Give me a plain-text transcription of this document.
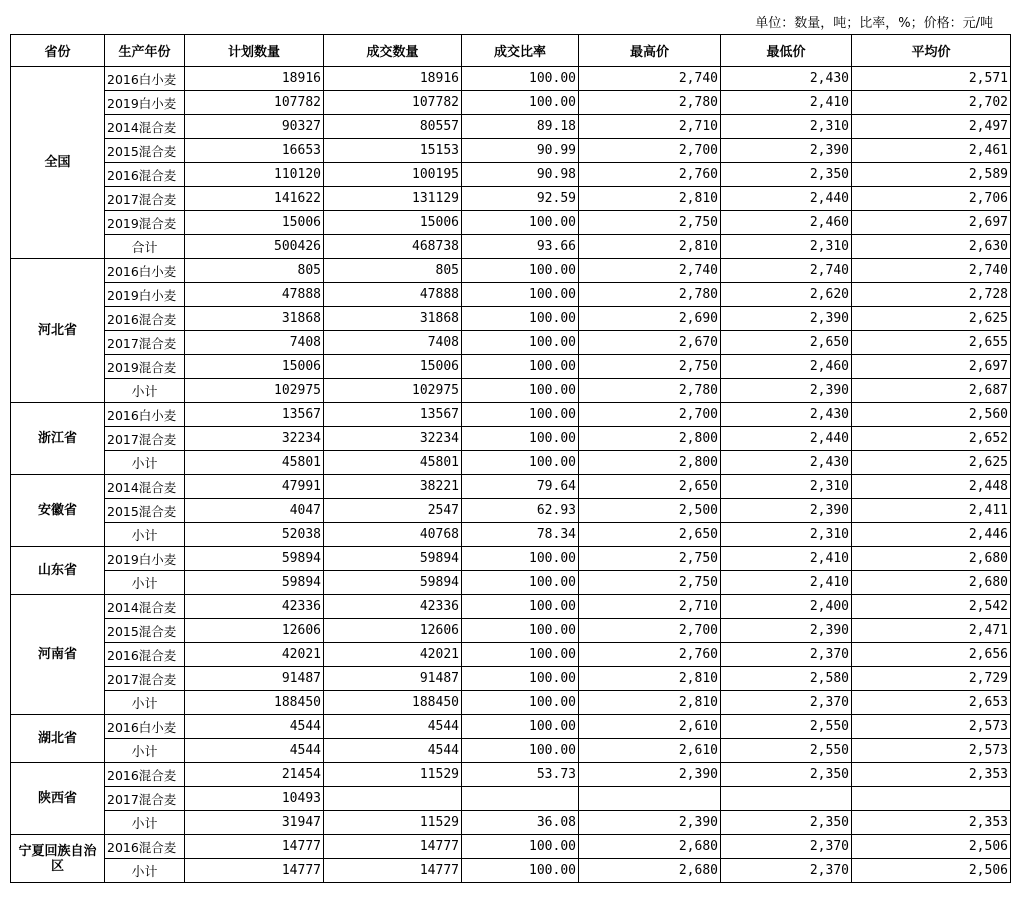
单位：数量，吨；比率，%；价格：元/吨
省份	生产年份	计划数量	成交数量	成交比率	最高价	最低价	平均价
全国	2016白小麦	18916	18916	100.00	2,740	2,430	2,571
	2019白小麦	107782	107782	100.00	2,780	2,410	2,702
	2014混合麦	90327	80557	89.18	2,710	2,310	2,497
	2015混合麦	16653	15153	90.99	2,700	2,390	2,461
	2016混合麦	110120	100195	90.98	2,760	2,350	2,589
	2017混合麦	141622	131129	92.59	2,810	2,440	2,706
	2019混合麦	15006	15006	100.00	2,750	2,460	2,697
	合计	500426	468738	93.66	2,810	2,310	2,630
河北省	2016白小麦	805	805	100.00	2,740	2,740	2,740
	2019白小麦	47888	47888	100.00	2,780	2,620	2,728
	2016混合麦	31868	31868	100.00	2,690	2,390	2,625
	2017混合麦	7408	7408	100.00	2,670	2,650	2,655
	2019混合麦	15006	15006	100.00	2,750	2,460	2,697
	小计	102975	102975	100.00	2,780	2,390	2,687
浙江省	2016白小麦	13567	13567	100.00	2,700	2,430	2,560
	2017混合麦	32234	32234	100.00	2,800	2,440	2,652
	小计	45801	45801	100.00	2,800	2,430	2,625
安徽省	2014混合麦	47991	38221	79.64	2,650	2,310	2,448
	2015混合麦	4047	2547	62.93	2,500	2,390	2,411
	小计	52038	40768	78.34	2,650	2,310	2,446
山东省	2019白小麦	59894	59894	100.00	2,750	2,410	2,680
	小计	59894	59894	100.00	2,750	2,410	2,680
河南省	2014混合麦	42336	42336	100.00	2,710	2,400	2,542
	2015混合麦	12606	12606	100.00	2,700	2,390	2,471
	2016混合麦	42021	42021	100.00	2,760	2,370	2,656
	2017混合麦	91487	91487	100.00	2,810	2,580	2,729
	小计	188450	188450	100.00	2,810	2,370	2,653
湖北省	2016白小麦	4544	4544	100.00	2,610	2,550	2,573
	小计	4544	4544	100.00	2,610	2,550	2,573
陕西省	2016混合麦	21454	11529	53.73	2,390	2,350	2,353
	2017混合麦	10493					
	小计	31947	11529	36.08	2,390	2,350	2,353
宁夏回族自治区	2016混合麦	14777	14777	100.00	2,680	2,370	2,506
	小计	14777	14777	100.00	2,680	2,370	2,506
